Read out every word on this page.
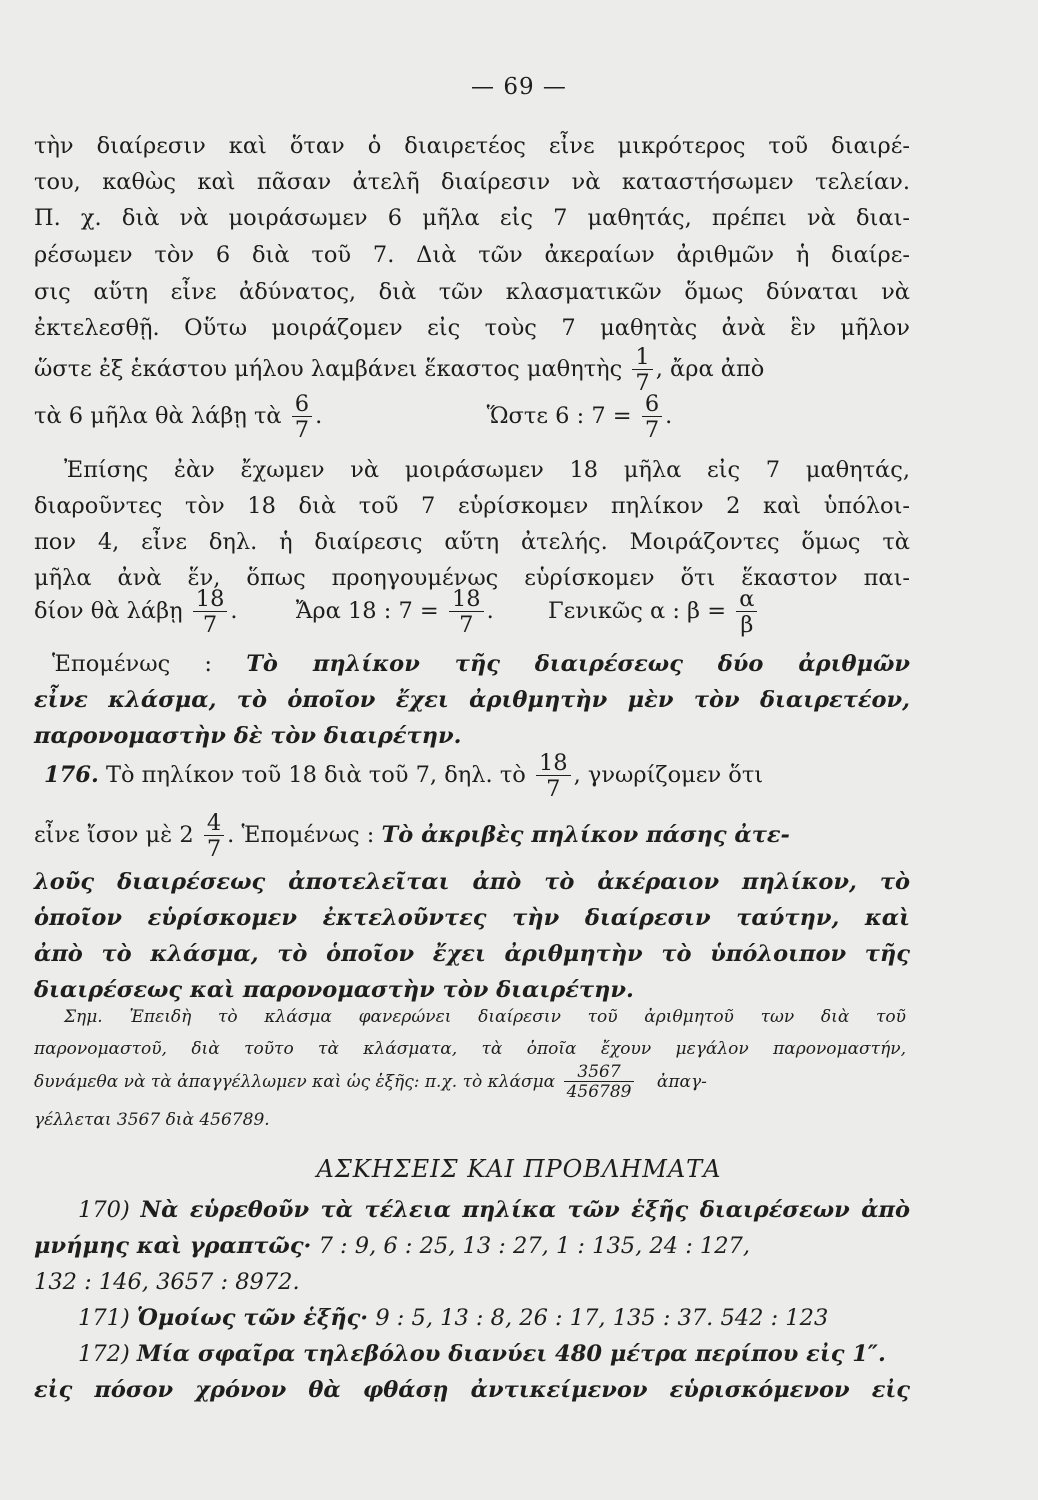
— 69 —
τὴν διαίρεσιν καὶ ὅταν ὁ διαιρετέος εἶνε μικρότερος τοῦ διαιρέ-
του, καθὼς καὶ πᾶσαν ἀτελῆ διαίρεσιν νὰ καταστήσωμεν τελείαν.
Π. χ. διὰ νὰ μοιράσωμεν 6 μῆλα εἰς 7 μαθητάς, πρέπει νὰ διαι-
ρέσωμεν τὸν 6 διὰ τοῦ 7. Διὰ τῶν ἀκεραίων ἀριθμῶν ἡ διαίρε-
σις αὕτη εἶνε ἀδύνατος, διὰ τῶν κλασματικῶν ὅμως δύναται νὰ
ἐκτελεσθῇ. Οὕτω μοιράζομεν εἰς τοὺς 7 μαθητὰς ἀνὰ ἓν μῆλον
ὥστε ἐξ ἑκάστου μήλου λαμβάνει ἕκαστος μαθητὴς $\frac{1}{7}$ , ἄρα ἀπὸ
τὰ 6 μῆλα θὰ λάβῃ τὰ $\frac{6}{7}$ .	Ὥστε 6 : $7 = \frac{6}{7}$ .
Ἐπίσης ἐὰν ἔχωμεν νὰ μοιράσωμεν 18 μῆλα εἰς 7 μαθητάς,
διαροῦντες τὸν 18 διὰ τοῦ 7 εὑρίσκομεν πηλίκον 2 καὶ ὑπόλοι-
πον 4, εἶνε δηλ. ἡ διαίρεσις αὕτη ἀτελής. Μοιράζοντες ὅμως τὰ
μῆλα ἀνὰ ἕν, ὅπως προηγουμένως εὑρίσκομεν ὅτι ἕκαστον παι-
δίον θὰ λάβῃ $\frac{18}{7}$ .	Ἄρα 18 : $7 = \frac{18}{7}$ . Γενικῶς α : $\beta = \frac{\alpha}{\beta}$
Ἑπομένως : Τὸ πηλίκον τῆς διαιρέσεως δύο ἀριθμῶν
εἶνε κλάσμα, τὸ ὁποῖον ἔχει ἀριθμητὴν μὲν τὸν διαιρετέον,
παρονομαστὴν δὲ τὸν διαιρέτην.
176. Τὸ πηλίκον τοῦ 18 διὰ τοῦ 7, δηλ. τὸ $\frac{18}{7}$ , γνωρίζομεν ὅτι
εἶνε ἴσον μὲ $2 \frac{4}{7}$ . Ἑπομένως : Τὸ ἀκριβὲς πηλίκον πάσης ἀτε-
λοῦς διαιρέσεως ἀποτελεῖται ἀπὸ τὸ ἀκέραιον πηλίκον, τὸ
ὁποῖον εὑρίσκομεν ἐκτελοῦντες τὴν διαίρεσιν ταύτην, καὶ
ἀπὸ τὸ κλάσμα, τὸ ὁποῖον ἔχει ἀριθμητὴν τὸ ὑπόλοιπον τῆς
διαιρέσεως καὶ παρονομαστὴν τὸν διαιρέτην.
Σημ. Ἐπειδὴ τὸ κλάσμα φανερώνει διαίρεσιν τοῦ ἀριθμητοῦ των διὰ τοῦ
παρονομαστοῦ, διὰ τοῦτο τὰ κλάσματα, τὰ ὁποῖα ἔχουν μεγάλον παρονομαστήν,
δυνάμεθα νὰ τὰ ἀπαγγέλλωμεν καὶ ὡς ἑξῆς: π.χ. τὸ κλάσμα $\frac{3567}{456789}$ ἀπαγ-
γέλλεται 3567 διὰ 456789.
ΑΣΚΗΣΕΙΣ ΚΑΙ ΠΡΟΒΛΗΜΑΤΑ
170) Νὰ εὑρεθοῦν τὰ τέλεια πηλίκα τῶν ἑξῆς διαιρέσεων ἀπὸ
μνήμης καὶ γραπτῶς· 7 : 9, 6 : 25, 13 : 27, 1 : 135, 24 : 127,
132 : 146, 3657 : 8972.
171) Ὁμοίως τῶν ἑξῆς· 9 : 5, 13 : 8, 26 : 17, 135 : 37. 542 : 123
172) Μία σφαῖρα τηλεβόλου διανύει 480 μέτρα περίπου εἰς 1″.
εἰς πόσον χρόνον θὰ φθάσῃ ἀντικείμενον εὑρισκόμενον εἰς
